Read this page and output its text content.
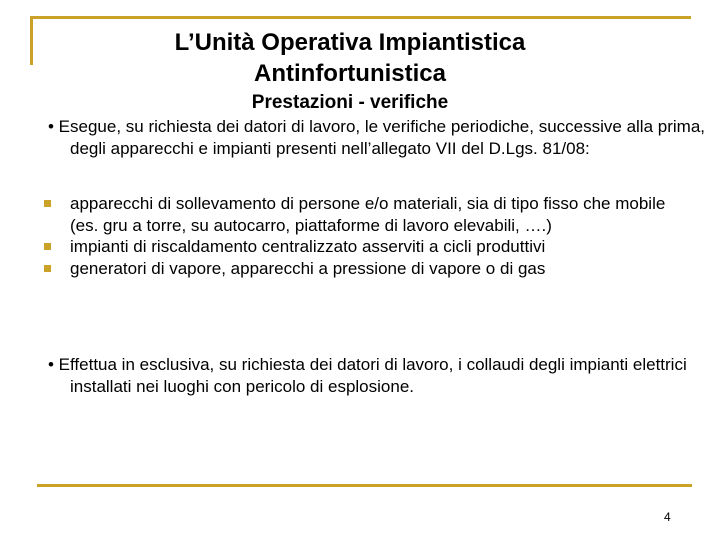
L’Unità Operativa Impiantistica Antinfortunistica
Prestazioni - verifiche
• Esegue, su richiesta dei datori di lavoro, le verifiche periodiche, successive alla prima, degli apparecchi e impianti presenti nell’allegato VII del D.Lgs. 81/08:
apparecchi di sollevamento di persone e/o materiali, sia di tipo fisso che mobile (es. gru a torre, su autocarro, piattaforme di lavoro elevabili, ….)
impianti di riscaldamento centralizzato asserviti a cicli produttivi
generatori di vapore, apparecchi a pressione di vapore o di gas
• Effettua in esclusiva, su richiesta dei datori di lavoro, i collaudi degli impianti elettrici installati nei luoghi con pericolo di esplosione.
4
